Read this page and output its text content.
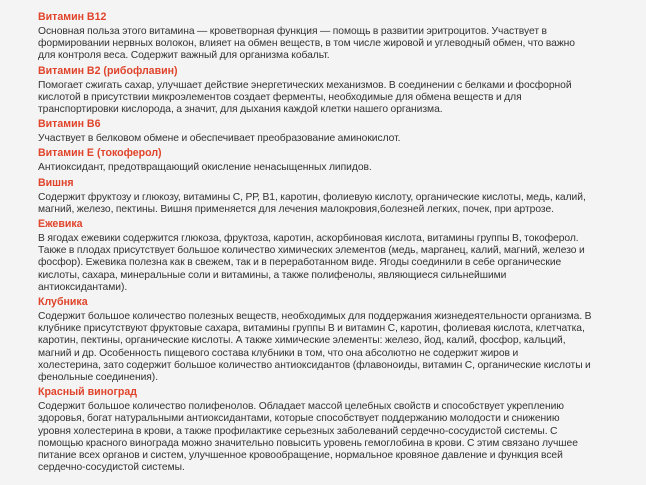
Витамин В12
Основная польза этого витамина — кроветворная функция — помощь в развитии эритроцитов. Участвует в
формировании нервных волокон, влияет на обмен веществ, в том числе жировой и углеводный обмен, что важно
для контроля веса. Содержит важный для организма кобальт.
Витамин В2 (рибофлавин)
Помогает сжигать сахар, улучшает действие энергетических механизмов. В соединении с белками и фосфорной
кислотой в присутствии микроэлементов создает ферменты, необходимые для обмена веществ и для
транспортировки кислорода, а значит, для дыхания каждой клетки нашего организма.
Витамин В6
Участвует в белковом обмене и обеспечивает преобразование аминокислот.
Витамин Е (токоферол)
Антиоксидант, предотвращающий окисление ненасыщенных липидов.
Вишня
Содержит фруктозу и глюкозу, витамины С, РР, В1, каротин, фолиевую кислоту, органические кислоты, медь, калий,
магний, железо, пектины. Вишня применяется для лечения малокровия,болезней легких, почек, при артрозе.
Ежевика
В ягодах ежевики содержится глюкоза, фруктоза, каротин, аскорбиновая кислота, витамины группы В, токоферол.
Также в плодах присутствует большое количество химических элементов (медь, марганец, калий, магний, железо и
фосфор). Ежевика полезна как в свежем, так и в переработанном виде. Ягоды соединили в себе органические
кислоты, сахара, минеральные соли и витамины, а также полифенолы, являющиеся сильнейшими
антиоксидантами).
Клубника
Содержит большое количество полезных веществ, необходимых для поддержания жизнедеятельности организма. В
клубнике присутствуют фруктовые сахара, витамины группы В и витамин С, каротин, фолиевая кислота, клетчатка,
каротин, пектины, органические кислоты. А также химические элементы: железо, йод, калий, фосфор, кальций,
магний и др. Особенность пищевого состава клубники в том, что она абсолютно не содержит жиров и
холестерина, зато содержит большое количество антиоксидантов (флавоноиды, витамин С, органические кислоты и
фенольные соединения).
Красный виноград
Содержит большое количество полифенолов. Обладает массой целебных свойств и способствует укреплению
здоровья, богат натуральными антиоксидантами, которые способствует поддержанию молодости и снижению
уровня холестерина в крови, а также профилактике серьезных заболеваний сердечно-сосудистой системы. С
помощью красного винограда можно значительно повысить уровень гемоглобина в крови. С этим связано лучшее
питание всех органов и систем, улучшенное кровообращение, нормальное кровяное давление и функция всей
сердечно-сосудистой системы.
